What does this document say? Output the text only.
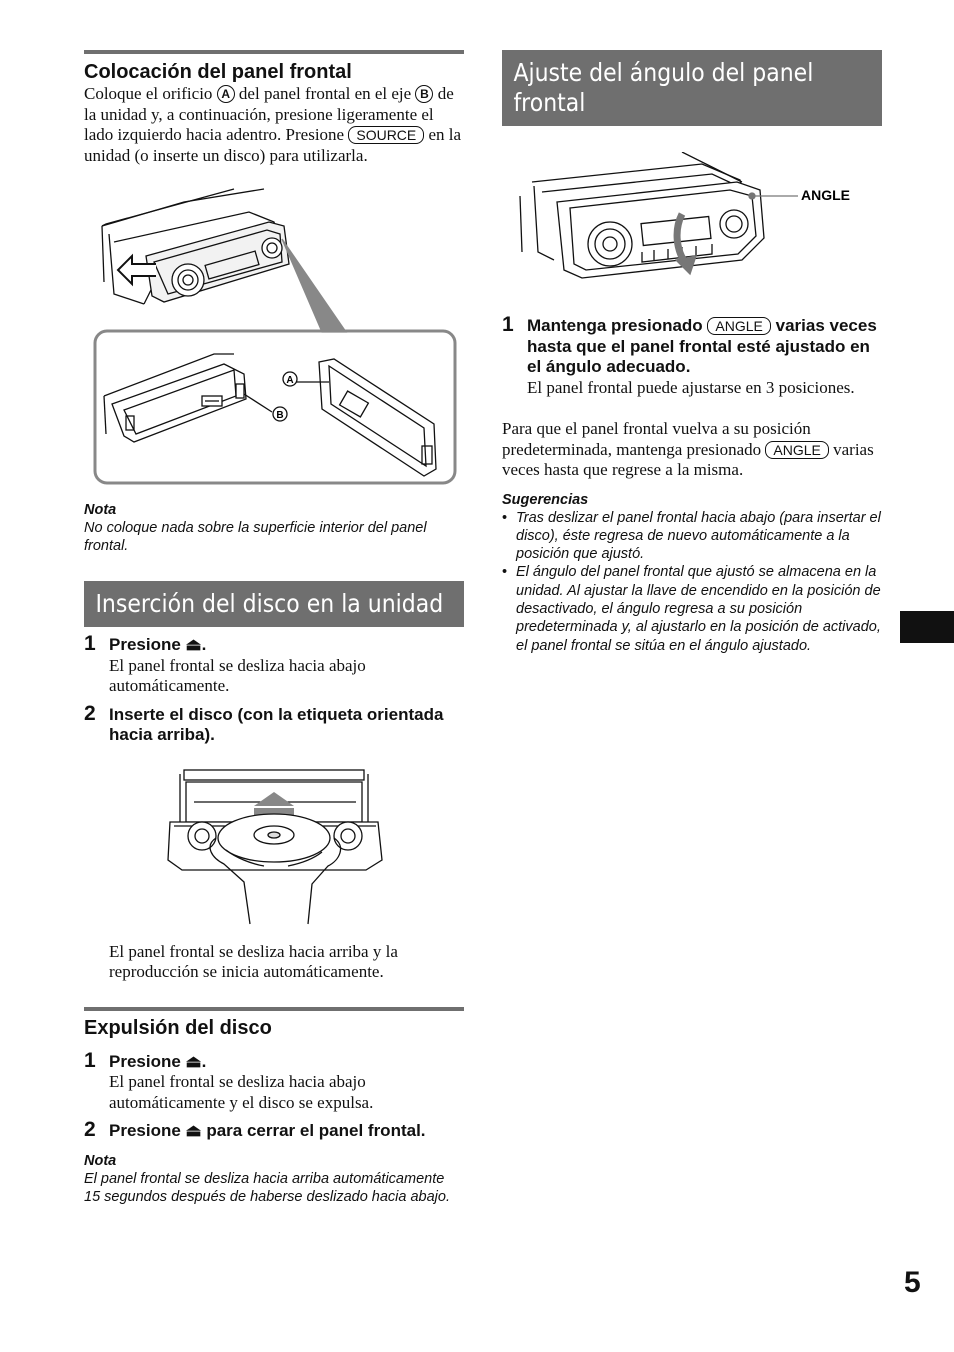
Colocación del panel frontal

Coloque el orificio A del panel frontal en el eje B de la unidad y, a continuación, presione ligeramente el lado izquierdo hacia adentro. Presione SOURCE en la unidad (o inserte un disco) para utilizarla.

A
B
Nota
No coloque nada sobre la superficie interior del panel frontal.
Inserción del disco en la unidad
1 Presione ⏏.

El panel frontal se desliza hacia abajo automáticamente.

2 Inserte el disco (con la etiqueta orientada hacia arriba).

El panel frontal se desliza hacia arriba y la reproducción se inicia automáticamente.

Expulsión del disco
1 Presione ⏏.

El panel frontal se desliza hacia abajo automáticamente y el disco se expulsa.

2 Presione ⏏ para cerrar el panel frontal.
Nota
El panel frontal se desliza hacia arriba automáticamente 15 segundos después de haberse deslizado hacia abajo.
Ajuste del ángulo del panel frontal
ANGLE
1 Mantenga presionado ANGLE varias veces hasta que el panel frontal esté ajustado en el ángulo adecuado.

El panel frontal puede ajustarse en 3 posiciones.

Para que el panel frontal vuelva a su posición predeterminada, mantenga presionado ANGLE varias veces hasta que regrese a la misma.

Sugerencias
• Tras deslizar el panel frontal hacia abajo (para insertar el disco), éste regresa de nuevo automáticamente a la posición que ajustó.
• El ángulo del panel frontal que ajustó se almacena en la unidad. Al ajustar la llave de encendido en la posición de desactivado, el ángulo regresa a su posición predeterminada y, al ajustarlo en la posición de activado, el panel frontal se sitúa en el ángulo ajustado.
5
